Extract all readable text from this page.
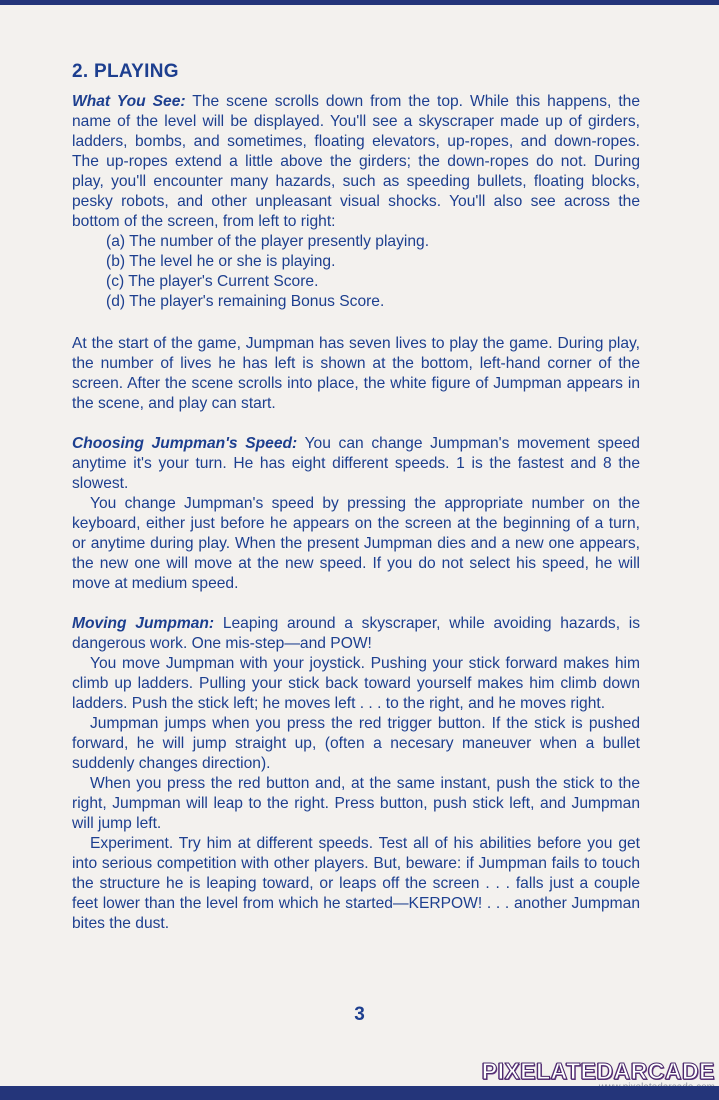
2. PLAYING

What You See: The scene scrolls down from the top. While this happens, the name of the level will be displayed. You'll see a skyscraper made up of girders, ladders, bombs, and sometimes, floating elevators, up-ropes, and down-ropes. The up-ropes extend a little above the girders; the down-ropes do not. During play, you'll encounter many hazards, such as speeding bullets, floating blocks, pesky robots, and other unpleasant visual shocks. You'll also see across the bottom of the screen, from left to right:

(a) The number of the player presently playing.
(b) The level he or she is playing.
(c) The player's Current Score.
(d) The player's remaining Bonus Score.

At the start of the game, Jumpman has seven lives to play the game. During play, the number of lives he has left is shown at the bottom, left-hand corner of the screen. After the scene scrolls into place, the white figure of Jumpman appears in the scene, and play can start.

Choosing Jumpman's Speed: You can change Jumpman's movement speed anytime it's your turn. He has eight different speeds. 1 is the fastest and 8 the slowest.

You change Jumpman's speed by pressing the appropriate number on the keyboard, either just before he appears on the screen at the beginning of a turn, or anytime during play. When the present Jumpman dies and a new one appears, the new one will move at the new speed. If you do not select his speed, he will move at medium speed.

Moving Jumpman: Leaping around a skyscraper, while avoiding hazards, is dangerous work. One mis-step—and POW!

You move Jumpman with your joystick. Pushing your stick forward makes him climb up ladders. Pulling your stick back toward yourself makes him climb down ladders. Push the stick left; he moves left . . . to the right, and he moves right.

Jumpman jumps when you press the red trigger button. If the stick is pushed forward, he will jump straight up, (often a necesary maneuver when a bullet suddenly changes direction).

When you press the red button and, at the same instant, push the stick to the right, Jumpman will leap to the right. Press button, push stick left, and Jumpman will jump left.

Experiment. Try him at different speeds. Test all of his abilities before you get into serious competition with other players. But, beware: if Jumpman fails to touch the structure he is leaping toward, or leaps off the screen . . . falls just a couple feet lower than the level from which he started—KERPOW! . . . another Jumpman bites the dust.

3
PIXELATEDARCADE
